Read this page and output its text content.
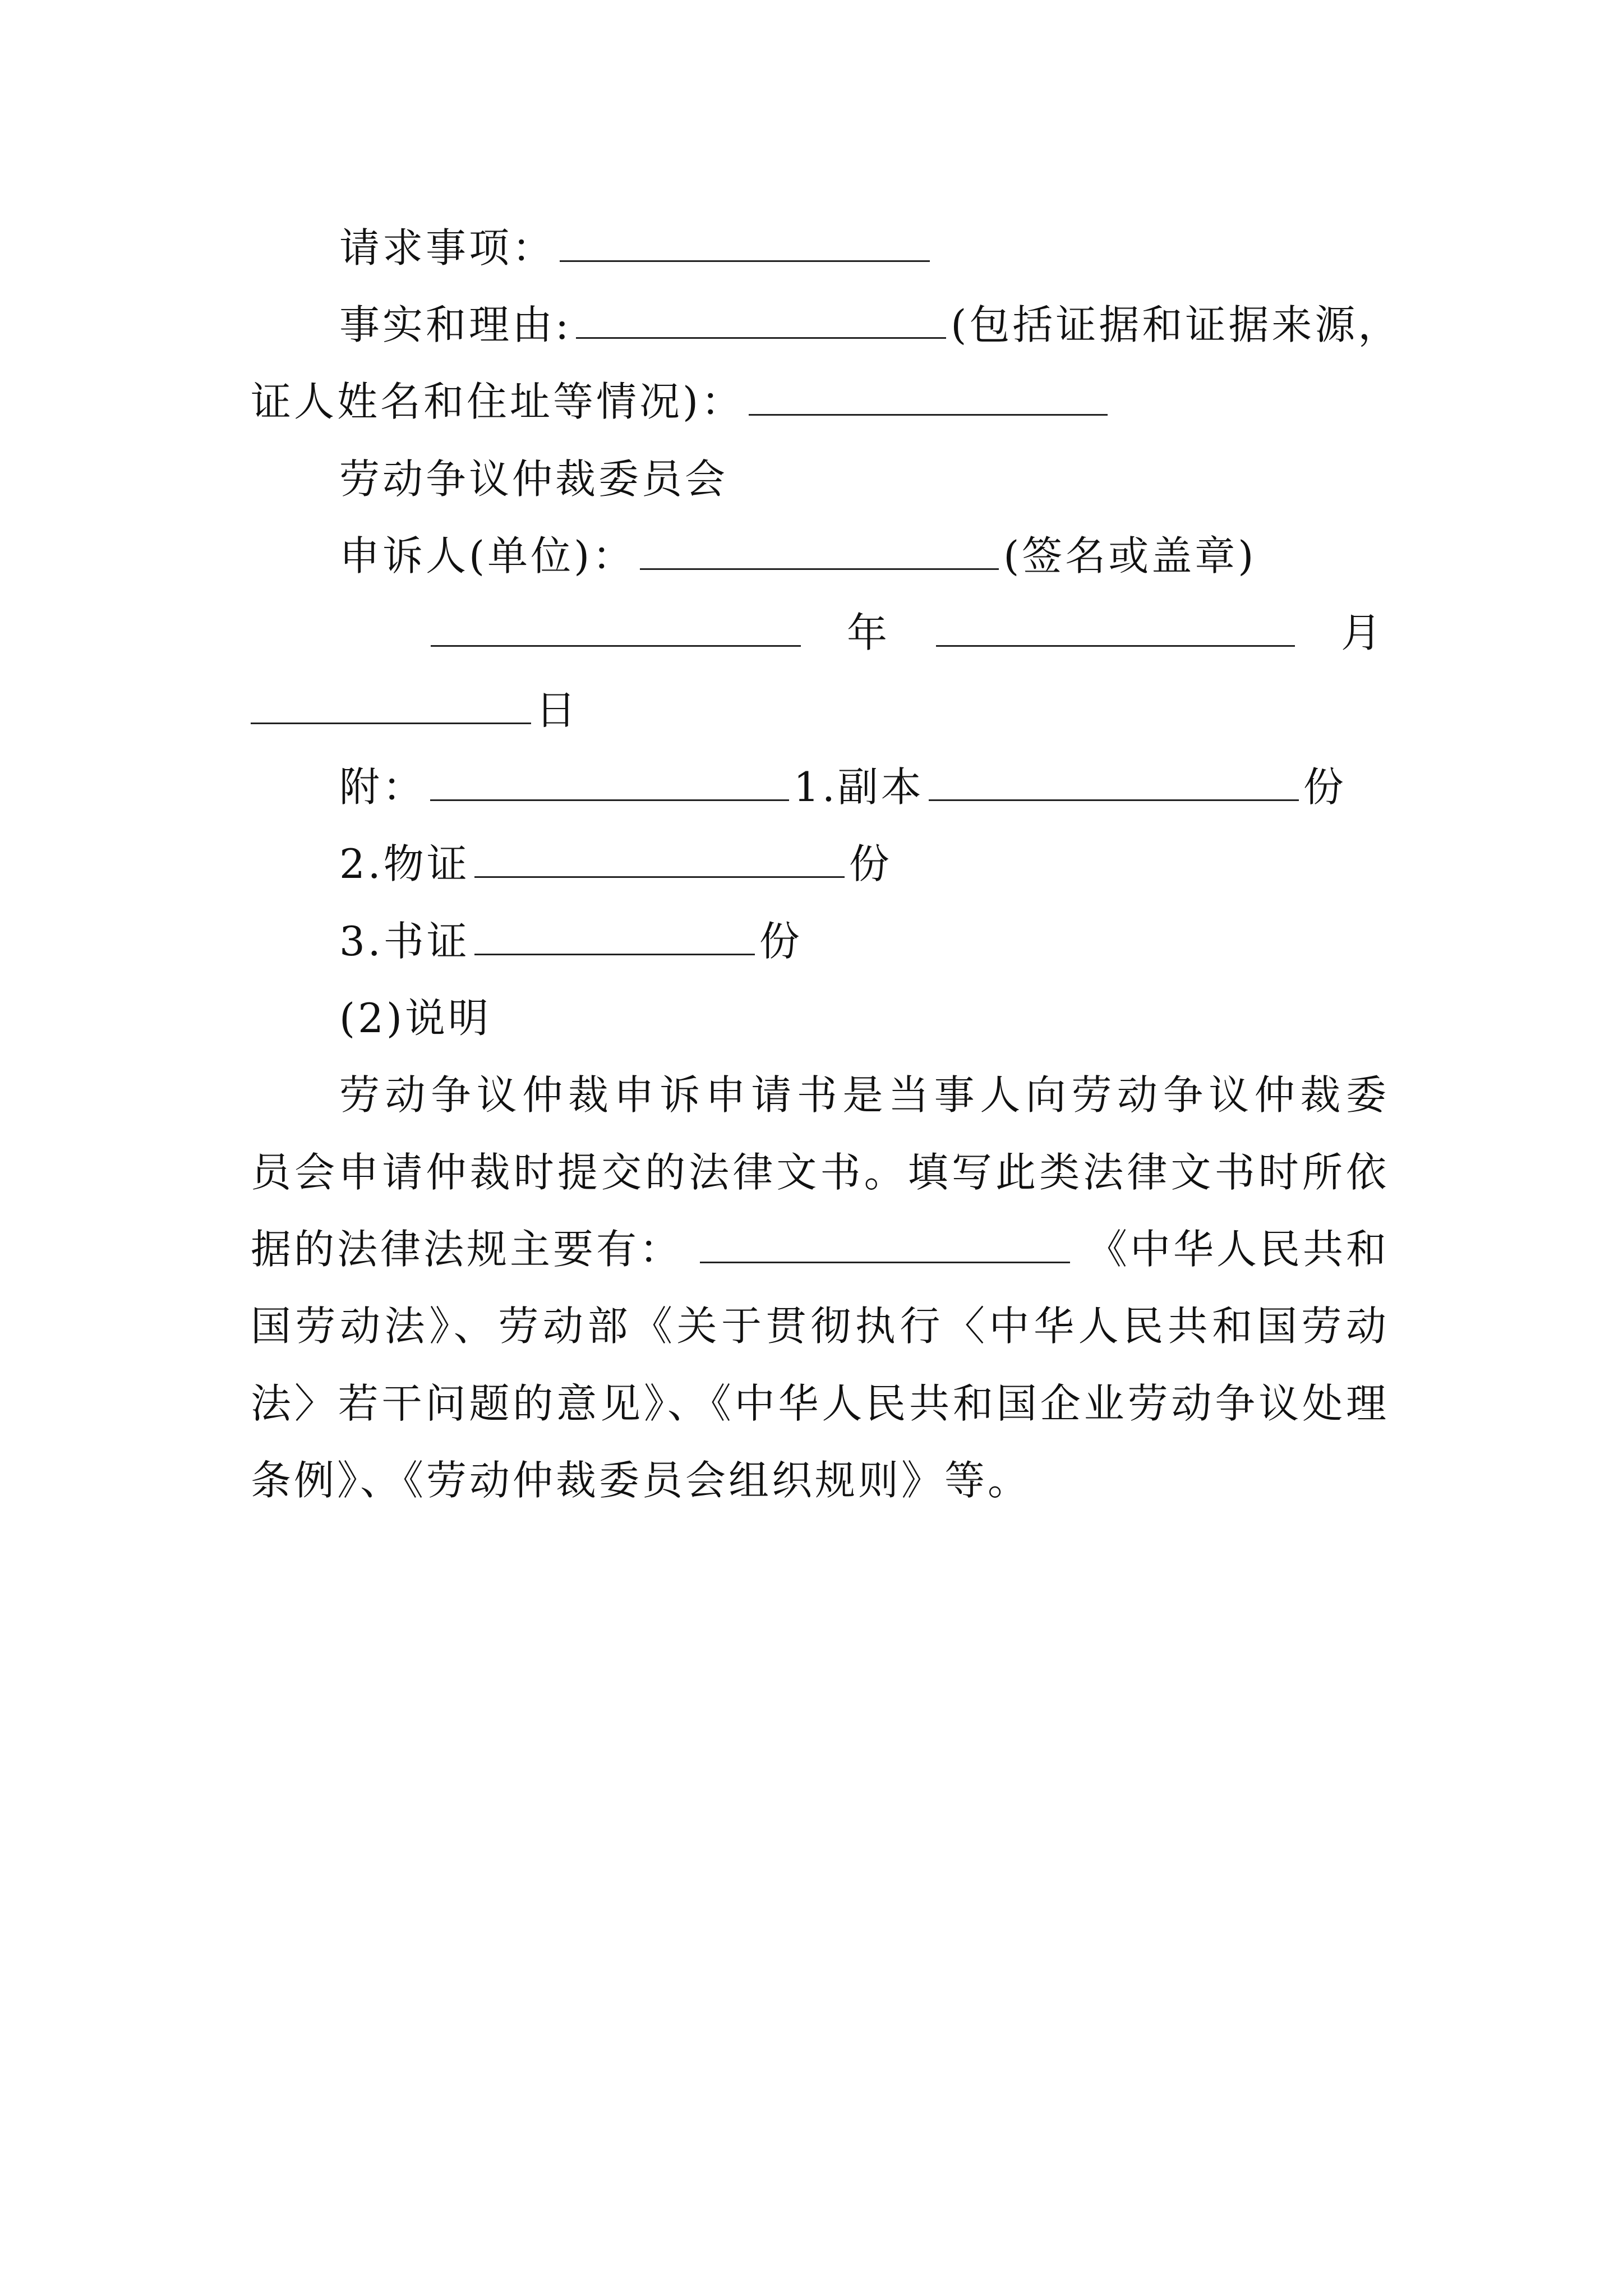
请求事项：
事实和理由:	(包括证据和证据来源，
证人姓名和住址等情况)：
劳动争议仲裁委员会
申诉人(单位)：	(签名或盖章)
年	月
日
附：	1.副本	份
2.物证	份
3.书证	份
(2)说明
劳动争议仲裁申诉申请书是当事人向劳动争议仲裁委
员会申请仲裁时提交的法律文书。填写此类法律文书时所依
据的法律法规主要有：	《中华人民共和
国劳动法》、劳动部《关于贯彻执行〈中华人民共和国劳动
法〉若干问题的意见》、《中华人民共和国企业劳动争议处理
条例》、《劳动仲裁委员会组织规则》等。
